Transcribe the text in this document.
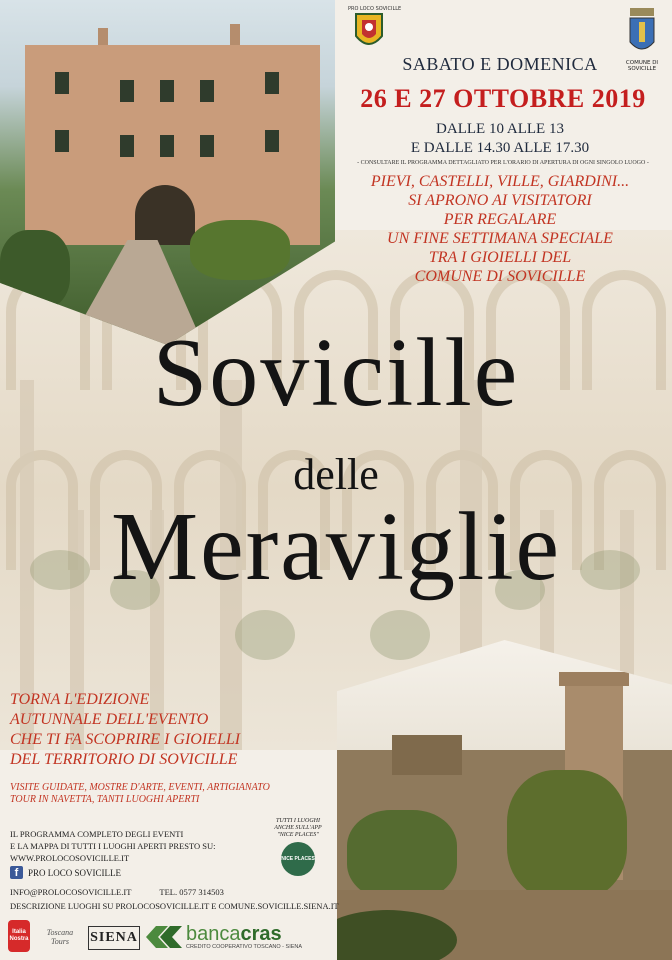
PRO LOCO SOVICILLE
COMUNE DI SOVICILLE
SABATO E DOMENICA
26 E 27 OTTOBRE 2019
DALLE 10 ALLE 13
E DALLE 14.30 ALLE 17.30
- CONSULTARE IL PROGRAMMA DETTAGLIATO PER L'ORARIO DI APERTURA DI OGNI SINGOLO LUOGO -
PIEVI, CASTELLI, VILLE, GIARDINI...
SI APRONO AI VISITATORI
PER REGALARE
UN FINE SETTIMANA SPECIALE
TRA I GIOIELLI DEL
COMUNE DI SOVICILLE
Sovicille
delle
Meraviglie
TORNA L'EDIZIONE
AUTUNNALE DELL'EVENTO
CHE TI FA SCOPRIRE I GIOIELLI
DEL TERRITORIO DI SOVICILLE
VISITE GUIDATE, MOSTRE D'ARTE, EVENTI, ARTIGIANATO
TOUR IN NAVETTA, TANTI LUOGHI APERTI
IL PROGRAMMA COMPLETO DEGLI EVENTI
E LA MAPPA DI TUTTI I LUOGHI APERTI PRESTO SU:
WWW.PROLOCOSOVICILLE.IT
f	PRO LOCO SOVICILLE
INFO@PROLOCOSOVICILLE.IT	TEL. 0577 314503
DESCRIZIONE LUOGHI SU PROLOCOSOVICILLE.IT E COMUNE.SOVICILLE.SIENA.IT
TUTTI I LUOGHI
ANCHE SULL'APP
"NICE PLACES"
NICE PLACES
Italia Nostra
Toscana Tours	SIENA bancacras
CREDITO COOPERATIVO TOSCANO - SIENA
